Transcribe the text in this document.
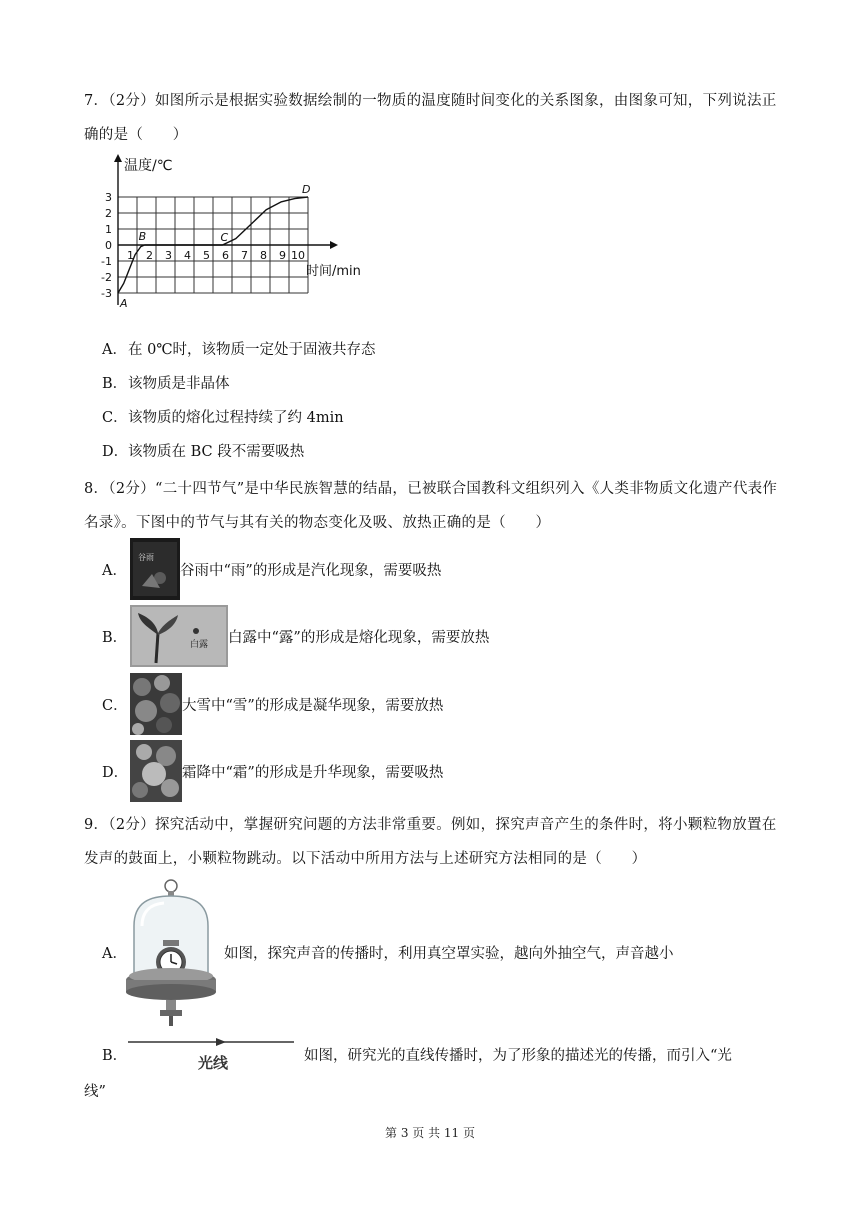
7．（2分）如图所示是根据实验数据绘制的一物质的温度随时间变化的关系图象，由图象可知，下列说法正确的是（　　）
3
2
1
0
-1
-2
-3
1 2 3 4 5 6 7 8 9 10
温度/℃
时间/min
A
B	C
D
A．在 0℃时，该物质一定处于固液共存态
B．该物质是非晶体
C．该物质的熔化过程持续了约 4min
D．该物质在 BC 段不需要吸热
8．（2分）“二十四节气”是中华民族智慧的结晶，已被联合国教科文组织列入《人类非物质文化遗产代表作名录》。下图中的节气与其有关的物态变化及吸、放热正确的是（　　）
A．
谷雨
谷雨中“雨”的形成是汽化现象，需要吸热
B．	白露 白露中“露”的形成是熔化现象，需要放热
C．	大雪中“雪”的形成是凝华现象，需要放热
D．	霜降中“霜”的形成是升华现象，需要吸热
9．（2分）探究活动中，掌握研究问题的方法非常重要。例如，探究声音产生的条件时，将小颗粒物放置在发声的鼓面上，小颗粒物跳动。以下活动中所用方法与上述研究方法相同的是（　　）
A．	如图，探究声音的传播时，利用真空罩实验，越向外抽空气，声音越小
B．	光线	如图，研究光的直线传播时，为了形象的描述光的传播，而引入“光
线”
第 3 页 共 11 页
